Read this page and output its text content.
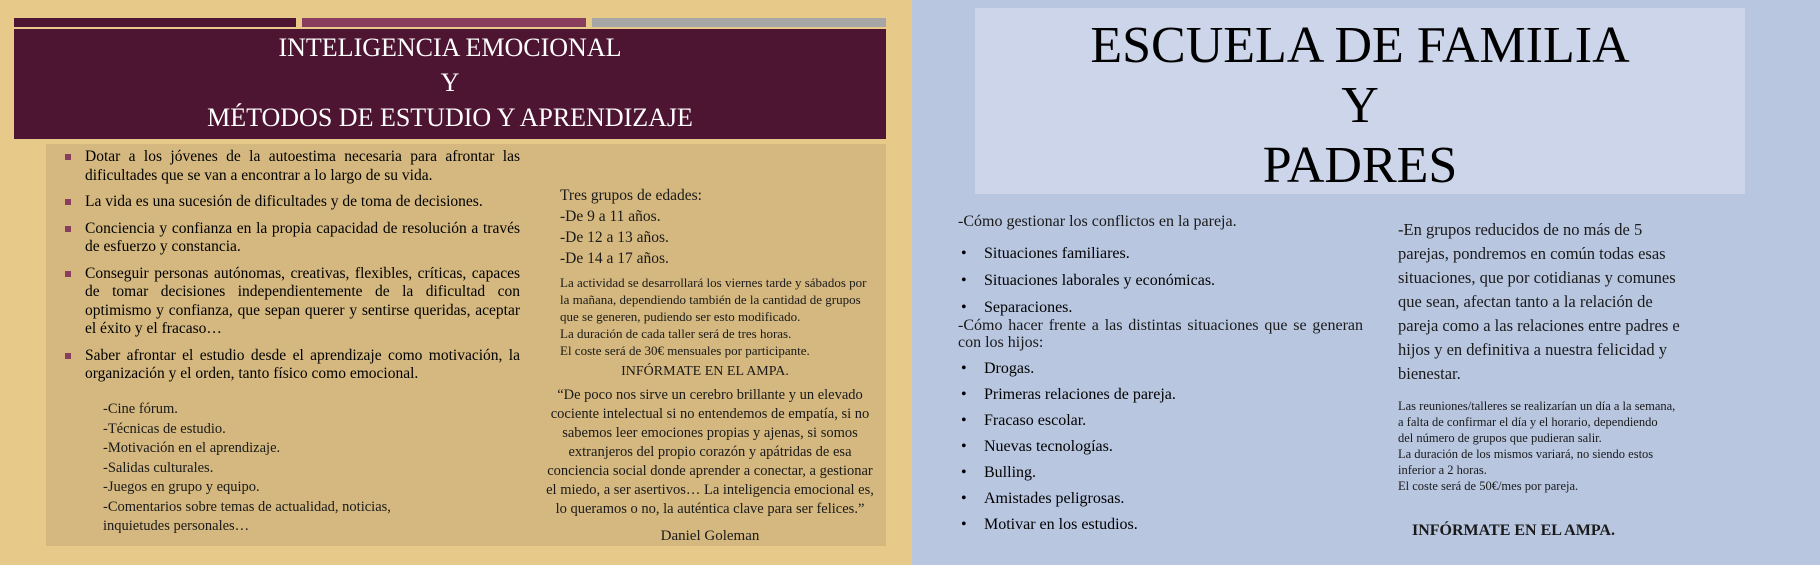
INTELIGENCIA EMOCIONAL
Y
MÉTODOS DE ESTUDIO Y APRENDIZAJE
Dotar a los jóvenes de la autoestima necesaria para afrontar las dificultades que se van a encontrar a lo largo de su vida.
La vida es una sucesión de dificultades y de toma de decisiones.
Conciencia y confianza en la propia capacidad de resolución a través de esfuerzo y constancia.
Conseguir personas autónomas, creativas, flexibles, críticas, capaces de tomar decisiones independientemente de la dificultad con optimismo y confianza, que sepan querer y sentirse queridas, aceptar el éxito y el fracaso…
Saber afrontar el estudio desde el aprendizaje como motivación, la organización y el orden, tanto físico como emocional.
-Cine fórum.
-Técnicas de estudio.
-Motivación en el aprendizaje.
-Salidas culturales.
-Juegos en grupo y equipo.
-Comentarios sobre temas de actualidad, noticias,
inquietudes personales…
Tres grupos de edades:
-De 9 a 11 años.
-De 12 a 13 años.
-De 14 a 17 años.
La actividad se desarrollará los viernes tarde y sábados por
la mañana, dependiendo también de la cantidad de grupos
que se generen, pudiendo ser esto modificado.
La duración de cada taller será de tres horas.
El coste será de 30€ mensuales por participante.
INFÓRMATE EN EL AMPA.
“De poco nos sirve un cerebro brillante y un elevado
cociente intelectual si no entendemos de empatía, si no
sabemos leer emociones propias y ajenas, si somos
extranjeros del propio corazón y apátridas de esa
conciencia social donde aprender a conectar, a gestionar
el miedo, a ser asertivos… La inteligencia emocional es,
lo queramos o no, la auténtica clave para ser felices.”
Daniel Goleman
ESCUELA DE FAMILIA
Y
PADRES
-Cómo gestionar los conflictos en la pareja.
• Situaciones familiares.
• Situaciones laborales y económicas.
• Separaciones.
-Cómo hacer frente a las distintas situaciones que se generan con los hijos:
• Drogas.
• Primeras relaciones de pareja.
• Fracaso escolar.
• Nuevas tecnologías.
• Bulling.
• Amistades peligrosas.
• Motivar en los estudios.
-En grupos reducidos de no más de 5
parejas, pondremos en común todas esas
situaciones, que por cotidianas y comunes
que sean, afectan tanto a la relación de
pareja como a las relaciones entre padres e
hijos y en definitiva a nuestra felicidad y
bienestar.
Las reuniones/talleres se realizarían un día a la semana,
a falta de confirmar el día y el horario, dependiendo
del número de grupos que pudieran salir.
La duración de los mismos variará, no siendo estos
inferior a 2 horas.
El coste será de 50€/mes por pareja.
INFÓRMATE EN EL AMPA.
